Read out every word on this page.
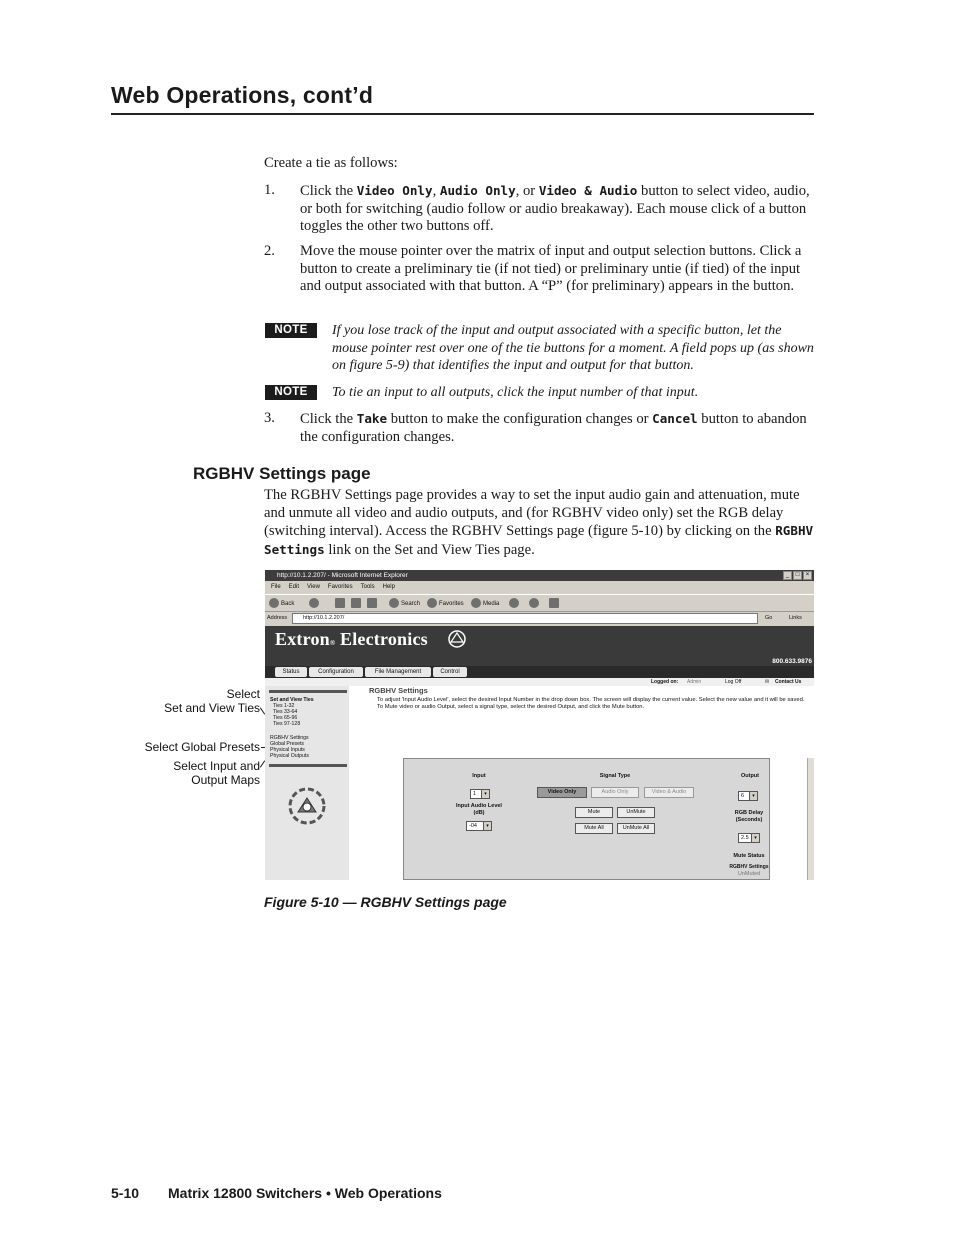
Web Operations, cont’d
Create a tie as follows:
1. Click the Video Only, Audio Only, or Video & Audio button to select video, audio, or both for switching (audio follow or audio breakaway). Each mouse click of a button toggles the other two buttons off.
2. Move the mouse pointer over the matrix of input and output selection buttons. Click a button to create a preliminary tie (if not tied) or preliminary untie (if tied) of the input and output associated with that button. A “P” (for preliminary) appears in the button.
NOTE	If you lose track of the input and output associated with a specific button, let the mouse pointer rest over one of the tie buttons for a moment. A field pops up (as shown on figure 5-9) that identifies the input and output for that button.
NOTE	To tie an input to all outputs, click the input number of that input.
3. Click the Take button to make the configuration changes or Cancel button to abandon the configuration changes.
RGBHV Settings page
The RGBHV Settings page provides a way to set the input audio gain and attenuation, mute and unmute all video and audio outputs, and (for RGBHV video only) set the RGB delay (switching interval). Access the RGBHV Settings page (figure 5-10) by clicking on the RGBHV Settings link on the Set and View Ties page.
Select
Set and View Ties
Select Global Presets
Select Input and
Output Maps
http://10.1.2.207/ - Microsoft Internet Explorer	_	□	×
File Edit View Favorites Tools Help
Back	Search	Favorites	Media
Address	http://10.1.2.207/	Go	Links
Extron® Electronics
800.633.9876
Status	Configuration	File Management	Control
Logged on: Admin	Log Off	✉ Contact Us
Set and View Ties
Ties 1-32
Ties 33-64
Ties 65-96
Ties 97-128
RGBHV Settings
Global Presets
Physical Inputs
Physical Outputs
RGBHV Settings
To adjust 'Input Audio Level', select the desired Input Number in the drop down box. The screen will display the current value. Select the new value and it will be saved. To Mute video or audio Output, select a signal type, select the desired Output, and click the Mute button.
Input
1 ▾
Input Audio Level (dB)
-04 ▾
Signal Type
Video Only	Audio Only	Video & Audio
Mute	UnMute
Mute All	UnMute All
Output
6 ▾
RGB Delay (Seconds)
2.5 ▾
Mute Status
RGBHV Settings
UnMuted
Figure 5-10 — RGBHV Settings page
5-10 Matrix 12800 Switchers • Web Operations
